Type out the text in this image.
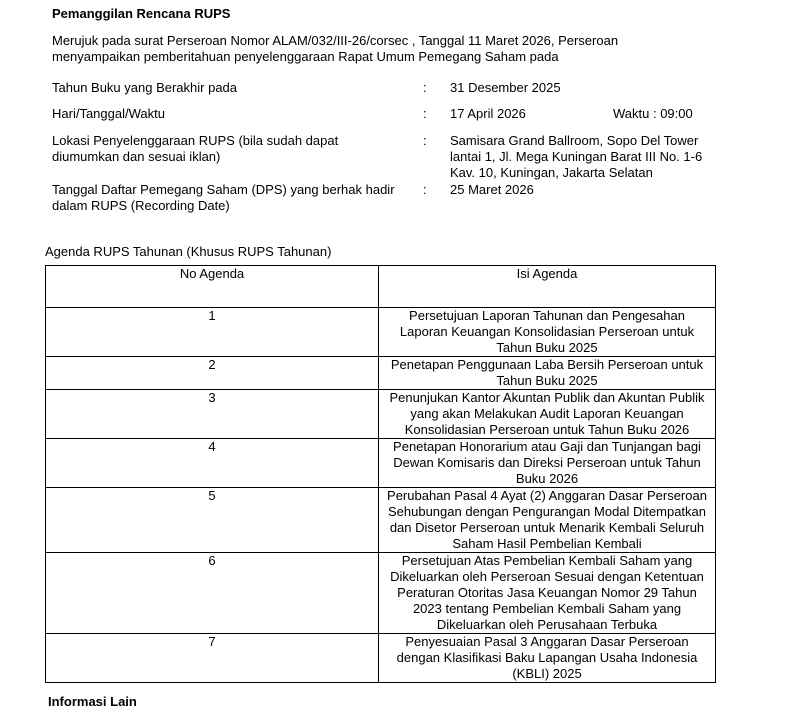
Pemanggilan Rencana RUPS
Merujuk pada surat Perseroan Nomor ALAM/032/III-26/corsec , Tanggal 11 Maret 2026, Perseroan
menyampaikan pemberitahuan penyelenggaraan Rapat Umum Pemegang Saham pada
Tahun Buku yang Berakhir pada	: 31 Desember 2025
Hari/Tanggal/Waktu	: 17 April 2026	Waktu : 09:00
Lokasi Penyelenggaraan RUPS (bila sudah dapat
diumumkan dan sesuai iklan)
: Samisara Grand Ballroom, Sopo Del Tower
lantai 1, Jl. Mega Kuningan Barat III No. 1-6
Kav. 10, Kuningan, Jakarta Selatan
Tanggal Daftar Pemegang Saham (DPS) yang berhak hadir
dalam RUPS (Recording Date)
: 25 Maret 2026
Agenda RUPS Tahunan (Khusus RUPS Tahunan)
No Agenda	Isi Agenda
1	Persetujuan Laporan Tahunan dan Pengesahan
Laporan Keuangan Konsolidasian Perseroan untuk
Tahun Buku 2025

2	Penetapan Penggunaan Laba Bersih Perseroan untuk
Tahun Buku 2025

3	Penunjukan Kantor Akuntan Publik dan Akuntan Publik
yang akan Melakukan Audit Laporan Keuangan
Konsolidasian Perseroan untuk Tahun Buku 2026

4	Penetapan Honorarium atau Gaji dan Tunjangan bagi
Dewan Komisaris dan Direksi Perseroan untuk Tahun
Buku 2026

5	Perubahan Pasal 4 Ayat (2) Anggaran Dasar Perseroan
Sehubungan dengan Pengurangan Modal Ditempatkan
dan Disetor Perseroan untuk Menarik Kembali Seluruh
Saham Hasil Pembelian Kembali

6	Persetujuan Atas Pembelian Kembali Saham yang
Dikeluarkan oleh Perseroan Sesuai dengan Ketentuan
Peraturan Otoritas Jasa Keuangan Nomor 29 Tahun
2023 tentang Pembelian Kembali Saham yang
Dikeluarkan oleh Perusahaan Terbuka

7	Penyesuaian Pasal 3 Anggaran Dasar Perseroan
dengan Klasifikasi Baku Lapangan Usaha Indonesia
(KBLI) 2025
Informasi Lain
